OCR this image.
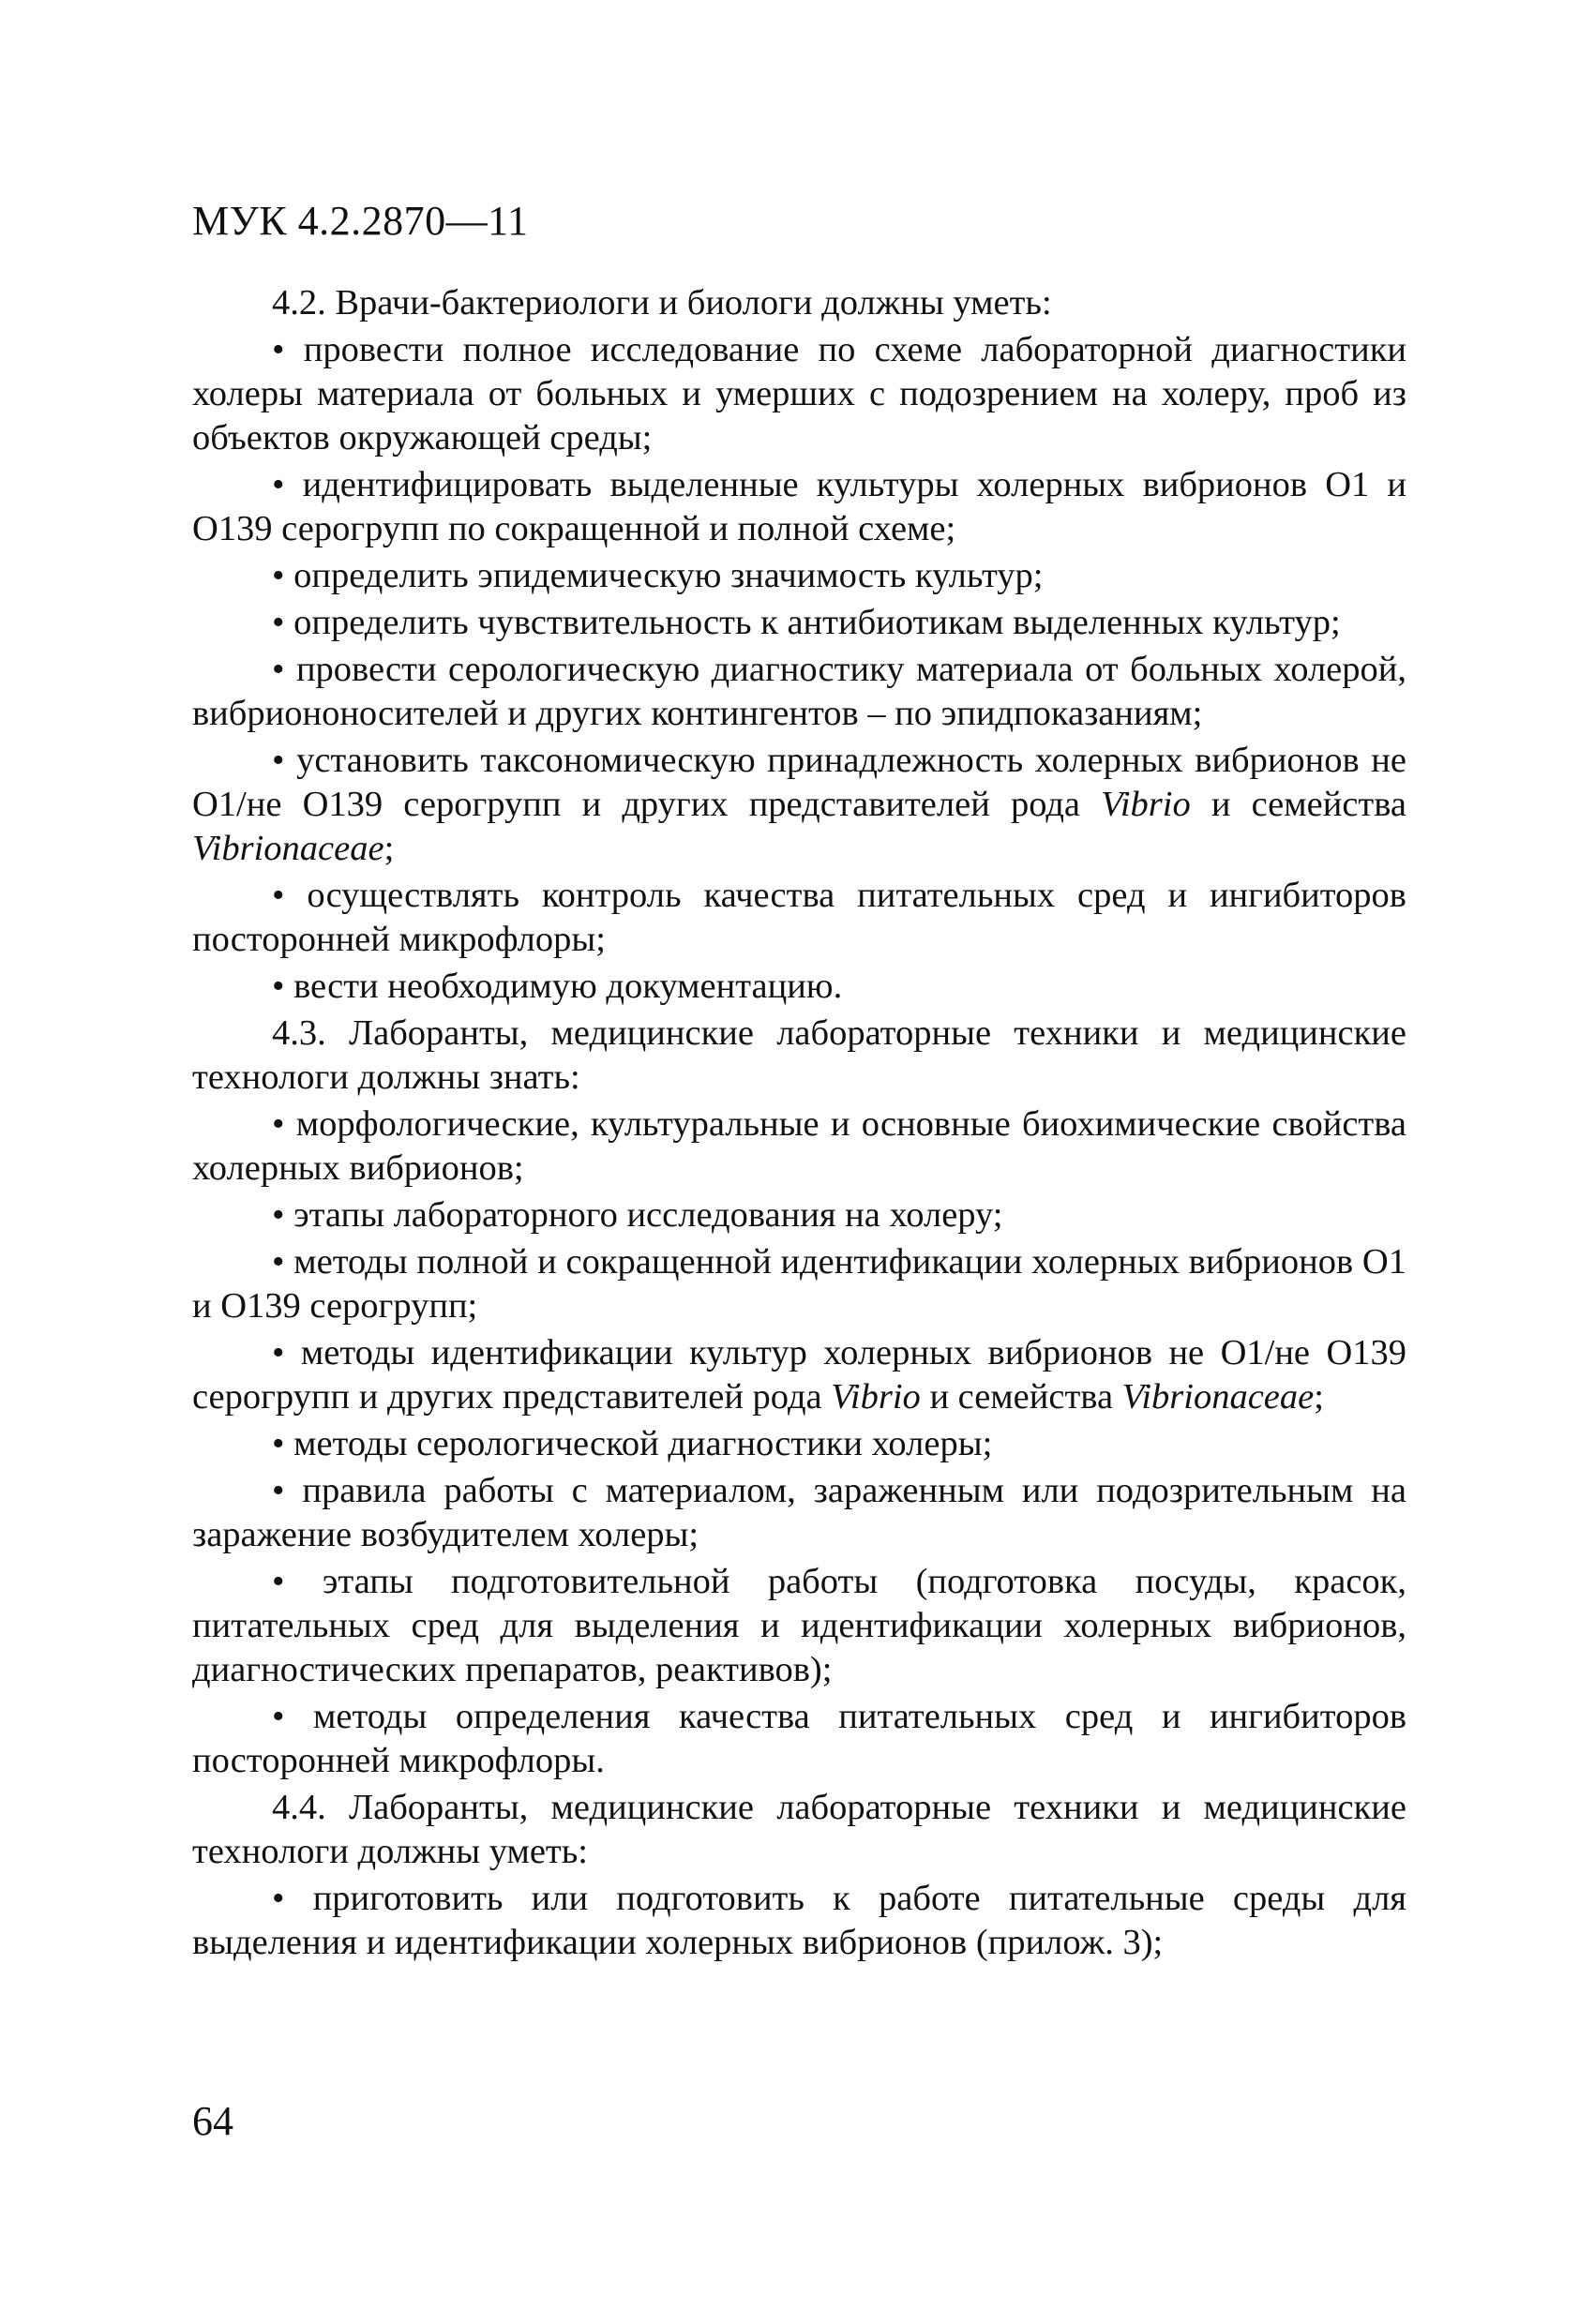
МУК 4.2.2870—11

4.2. Врачи-бактериологи и биологи должны уметь:

• провести полное исследование по схеме лабораторной диагностики холеры материала от больных и умерших с подозрением на холеру, проб из объектов окружающей среды;

• идентифицировать выделенные культуры холерных вибрионов О1 и О139 серогрупп по сокращенной и полной схеме;

• определить эпидемическую значимость культур;

• определить чувствительность к антибиотикам выделенных культур;

• провести серологическую диагностику материала от больных холерой, вибриононосителей и других контингентов – по эпидпоказаниям;

• установить таксономическую принадлежность холерных вибрионов не О1/не О139 серогрупп и других представителей рода Vibrio и семейства Vibrionaceae;

• осуществлять контроль качества питательных сред и ингибиторов посторонней микрофлоры;

• вести необходимую документацию.

4.3. Лаборанты, медицинские лабораторные техники и медицинские технологи должны знать:

• морфологические, культуральные и основные биохимические свойства холерных вибрионов;

• этапы лабораторного исследования на холеру;

• методы полной и сокращенной идентификации холерных вибрионов О1 и О139 серогрупп;

• методы идентификации культур холерных вибрионов не О1/не О139 серогрупп и других представителей рода Vibrio и семейства Vibrionaceae;

• методы серологической диагностики холеры;

• правила работы с материалом, зараженным или подозрительным на заражение возбудителем холеры;

• этапы подготовительной работы (подготовка посуды, красок, питательных сред для выделения и идентификации холерных вибрионов, диагностических препаратов, реактивов);

• методы определения качества питательных сред и ингибиторов посторонней микрофлоры.

4.4. Лаборанты, медицинские лабораторные техники и медицинские технологи должны уметь:

• приготовить или подготовить к работе питательные среды для выделения и идентификации холерных вибрионов (прилож. 3);

64
